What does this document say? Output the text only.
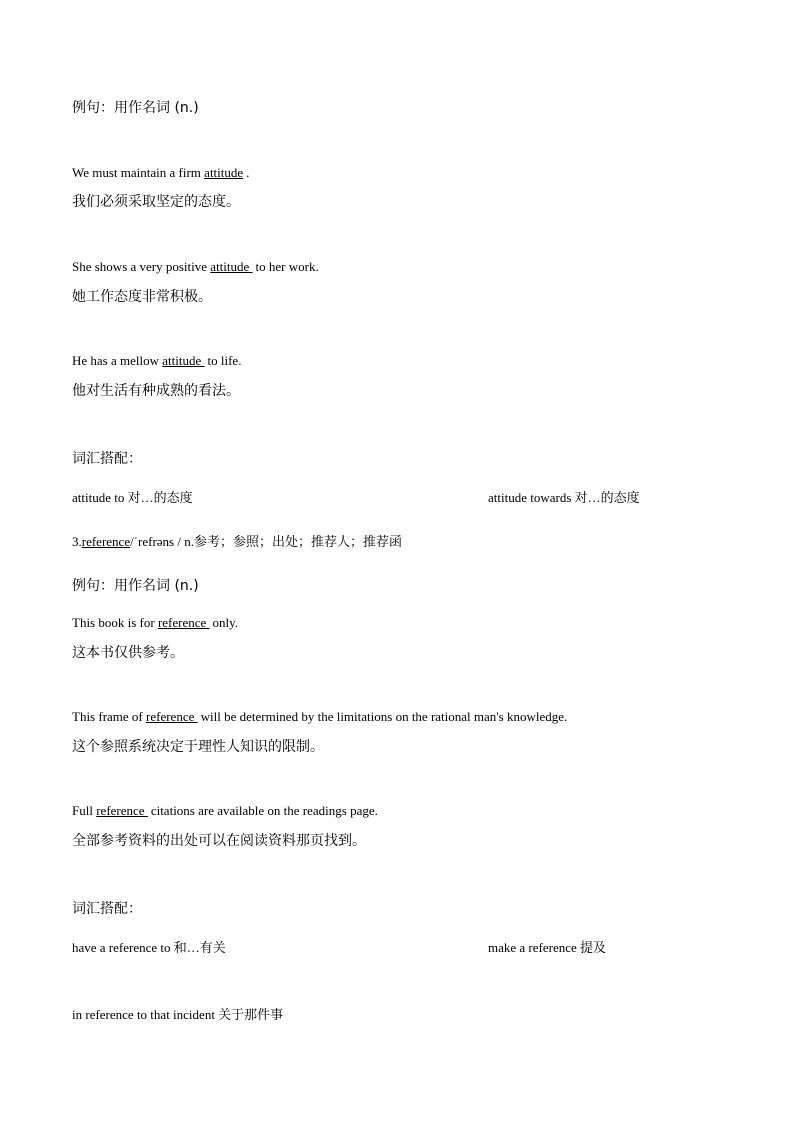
例句：用作名词 (n.)
We must maintain a firm attitude .
我们必须采取坚定的态度。
She shows a very positive attitude to her work.
她工作态度非常积极。
He has a mellow attitude to life.
他对生活有种成熟的看法。
词汇搭配：
attitude to 对…的态度	attitude towards 对…的态度
3.reference/ˈrefrəns / n.参考；参照；出处；推荐人；推荐函
例句：用作名词 (n.)
This book is for reference only.
这本书仅供参考。
This frame of reference will be determined by the limitations on the rational man's knowledge.
这个参照系统决定于理性人知识的限制。
Full reference citations are available on the readings page.
全部参考资料的出处可以在阅读资料那页找到。
词汇搭配：
have a reference to 和…有关	make a reference 提及
in reference to that incident 关于那件事
